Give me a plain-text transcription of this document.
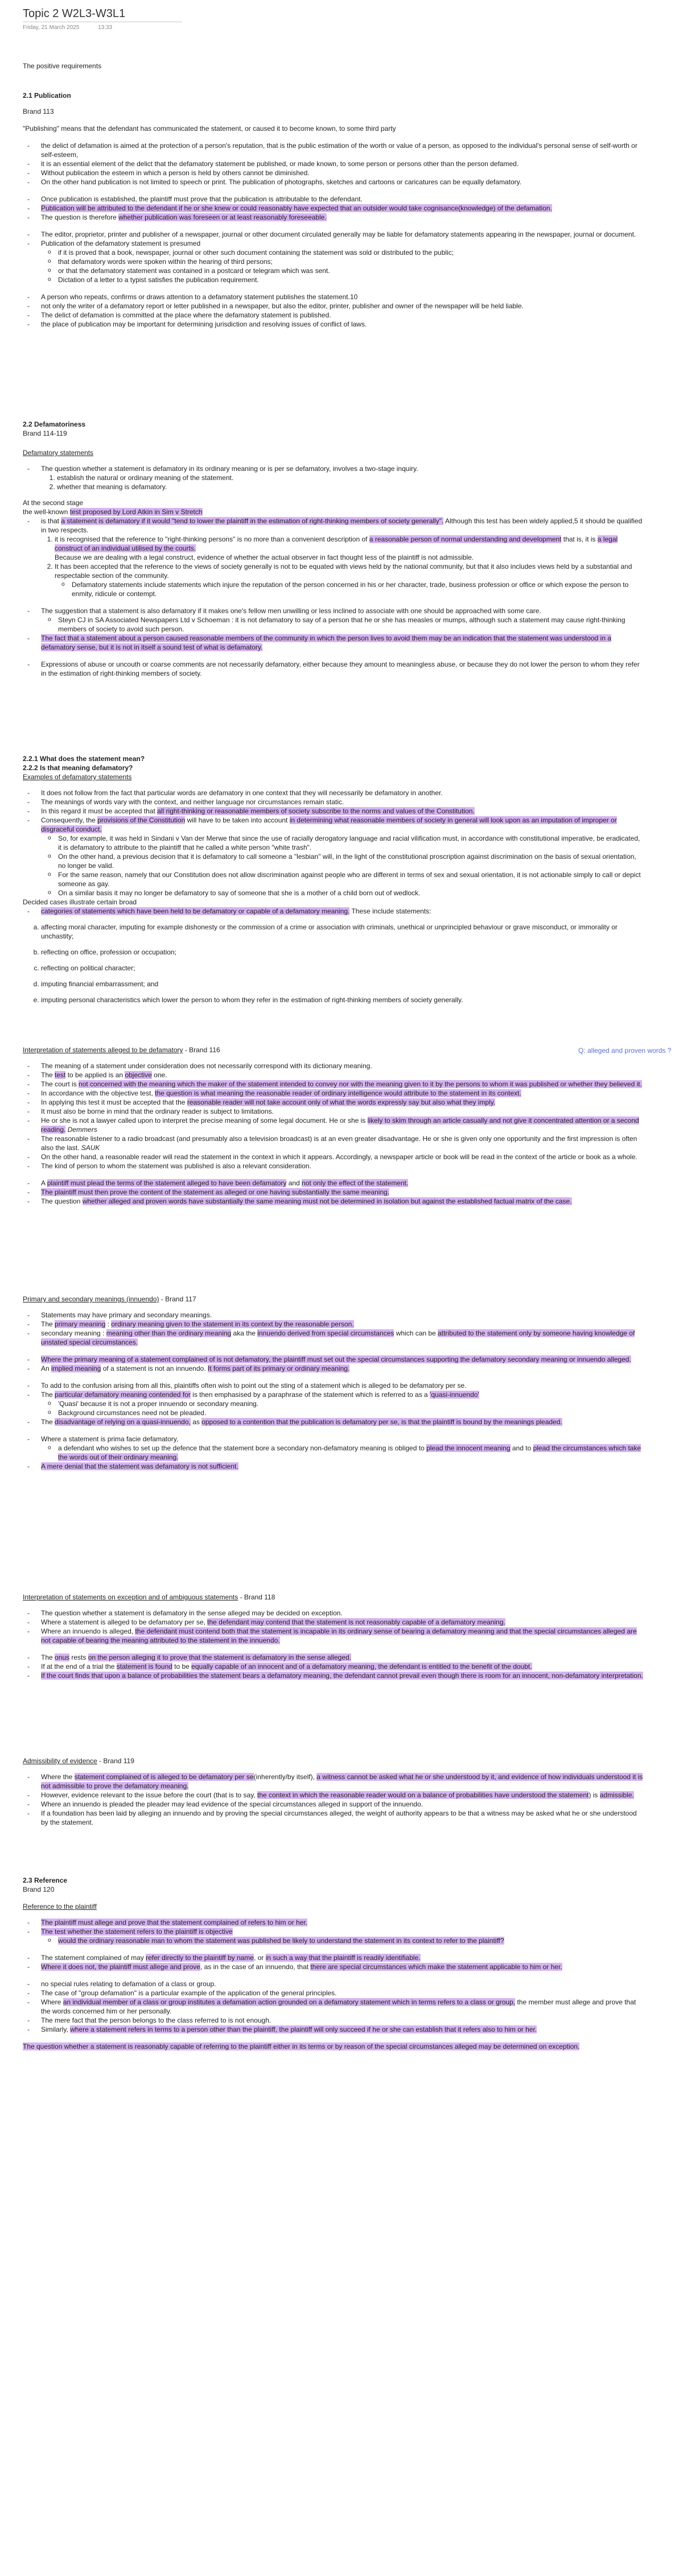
Topic 2 W2L3-W3L1
Friday, 21 March 2025	13:33

The positive requirements

2.1 Publication

Brand 113

"Publishing" means that the defendant has communicated the statement, or caused it to become known, to some third party

- the delict of defamation is aimed at the protection of a person's reputation, that is the public estimation of the worth or value of a person, as opposed to the individual's personal sense of self-worth or self-esteem,
- it is an essential element of the delict that the defamatory statement be published, or made known, to some person or persons other than the person defamed.
- Without publication the esteem in which a person is held by others cannot be diminished.
- On the other hand publication is not limited to speech or print. The publication of photographs, sketches and cartoons or caricatures can be equally defamatory.
- Once publication is established, the plaintiff must prove that the publication is attributable to the defendant.
- Publication will be attributed to the defendant if he or she knew or could reasonably have expected that an outsider would take cognisance(knowledge) of the defamation.
- The question is therefore whether publication was foreseen or at least reasonably foreseeable.
- The editor, proprietor, printer and publisher of a newspaper, journal or other document circulated generally may be liable for defamatory statements appearing in the newspaper, journal or document.
- Publication of the defamatory statement is presumed
o if it is proved that a book, newspaper, journal or other such document containing the statement was sold or distributed to the public;
o that defamatory words were spoken within the hearing of third persons;
o or that the defamatory statement was contained in a postcard or telegram which was sent.
o Dictation of a letter to a typist satisfies the publication requirement.
- A person who repeats, confirms or draws attention to a defamatory statement publishes the statement.10
- not only the writer of a defamatory report or letter published in a newspaper, but also the editor, printer, publisher and owner of the newspaper will be held liable.
- The delict of defamation is committed at the place where the defamatory statement is published.
- the place of publication may be important for determining jurisdiction and resolving issues of conflict of laws.

2.2 Defamatoriness

Brand 114-119

Defamatory statements

- The question whether a statement is defamatory in its ordinary meaning or is per se defamatory, involves a two-stage inquiry.
1. establish the natural or ordinary meaning of the statement.
2. whether that meaning is defamatory.

At the second stage

the well-known test proposed by Lord Atkin in Sim v Stretch

- is that a statement is defamatory if it would "tend to lower the plaintiff in the estimation of right-thinking members of society generally". Although this test has been widely applied,5 it should be qualified in two respects.
1. it is recognised that the reference to "right-thinking persons" is no more than a convenient description of a reasonable person of normal understanding and development that is, it is a legal construct of an individual utilised by the courts.
Because we are dealing with a legal construct, evidence of whether the actual observer in fact thought less of the plaintiff is not admissible.
2. It has been accepted that the reference to the views of society generally is not to be equated with views held by the national community, but that it also includes views held by a substantial and respectable section of the community.
o Defamatory statements include statements which injure the reputation of the person concerned in his or her character, trade, business profession or office or which expose the person to enmity, ridicule or contempt.
- The suggestion that a statement is also defamatory if it makes one's fellow men unwilling or less inclined to associate with one should be approached with some care.
o Steyn CJ in SA Associated Newspapers Ltd v Schoeman : it is not defamatory to say of a person that he or she has measles or mumps, although such a statement may cause right-thinking members of society to avoid such person.
- The fact that a statement about a person caused reasonable members of the community in which the person lives to avoid them may be an indication that the statement was understood in a defamatory sense, but it is not in itself a sound test of what is defamatory.
- Expressions of abuse or uncouth or coarse comments are not necessarily defamatory, either because they amount to meaningless abuse, or because they do not lower the person to whom they refer in the estimation of right-thinking members of society.

2.2.1 What does the statement mean?

2.2.2 Is that meaning defamatory?

Examples of defamatory statements

- It does not follow from the fact that particular words are defamatory in one context that they will necessarily be defamatory in another.
- The meanings of words vary with the context, and neither language nor circumstances remain static.
- In this regard it must be accepted that all right-thinking or reasonable members of society subscribe to the norms and values of the Constitution.
- Consequently, the provisions of the Constitution will have to be taken into account in determining what reasonable members of society in general will look upon as an imputation of improper or disgraceful conduct.
o So, for example, it was held in Sindani v Van der Merwe that since the use of racially derogatory language and racial vilification must, in accordance with constitutional imperative, be eradicated, it is defamatory to attribute to the plaintiff that he called a white person "white trash".
o On the other hand, a previous decision that it is defamatory to call someone a "lesbian" will, in the light of the constitutional proscription against discrimination on the basis of sexual orientation, no longer be valid.
o For the same reason, namely that our Constitution does not allow discrimination against people who are different in terms of sex and sexual orientation, it is not actionable simply to call or depict someone as gay.
o On a similar basis it may no longer be defamatory to say of someone that she is a mother of a child born out of wedlock.

Decided cases illustrate certain broad

- categories of statements which have been held to be defamatory or capable of a defamatory meaning. These include statements:
a. affecting moral character, imputing for example dishonesty or the commission of a crime or association with criminals, unethical or unprincipled behaviour or grave misconduct, or immorality or unchastity;
b. reflecting on office, profession or occupation;
c. reflecting on political character;
d. imputing financial embarrassment; and
e. imputing personal characteristics which lower the person to whom they refer in the estimation of right-thinking members of society generally.

Interpretation of statements alleged to be defamatory - Brand 116

- The meaning of a statement under consideration does not necessarily correspond with its dictionary meaning.
- The test to be applied is an objective one.
- The court is not concerned with the meaning which the maker of the statement intended to convey nor with the meaning given to it by the persons to whom it was published or whether they believed it.
- In accordance with the objective test, the question is what meaning the reasonable reader of ordinary intelligence would attribute to the statement in its context.
- In applying this test it must be accepted that the reasonable reader will not take account only of what the words expressly say but also what they imply.
- It must also be borne in mind that the ordinary reader is subject to limitations.
- He or she is not a lawyer called upon to interpret the precise meaning of some legal document. He or she is likely to skim through an article casually and not give it concentrated attention or a second reading. Demmers
- The reasonable listener to a radio broadcast (and presumably also a television broadcast) is at an even greater disadvantage. He or she is given only one opportunity and the first impression is often also the last. SAUK
- On the other hand, a reasonable reader will read the statement in the context in which it appears. Accordingly, a newspaper article or book will be read in the context of the article or book as a whole.
- The kind of person to whom the statement was published is also a relevant consideration.
- A plaintiff must plead the terms of the statement alleged to have been defamatory and not only the effect of the statement.
- The plaintiff must then prove the content of the statement as alleged or one having substantially the same meaning.
- The question whether alleged and proven words have substantially the same meaning must not be determined in isolation but against the established factual matrix of the case.

Primary and secondary meanings (innuendo) - Brand 117

- Statements may have primary and secondary meanings.
- The primary meaning : ordinary meaning given to the statement in its context by the reasonable person.
- secondary meaning : meaning other than the ordinary meaning aka the innuendo derived from special circumstances which can be attributed to the statement only by someone having knowledge of unstated special circumstances.
- Where the primary meaning of a statement complained of is not defamatory, the plaintiff must set out the special circumstances supporting the defamatory secondary meaning or innuendo alleged.
- An implied meaning of a statement is not an innuendo. It forms part of its primary or ordinary meaning.
- To add to the confusion arising from all this, plaintiffs often wish to point out the sting of a statement which is alleged to be defamatory per se.
- The particular defamatory meaning contended for is then emphasised by a paraphrase of the statement which is referred to as a 'quasi-innuendo'
o 'Quasi' because it is not a proper innuendo or secondary meaning.
o Background circumstances need not be pleaded.
- The disadvantage of relying on a quasi-innuendo, as opposed to a contention that the publication is defamatory per se, is that the plaintiff is bound by the meanings pleaded.
- Where a statement is prima facie defamatory,
o a defendant who wishes to set up the defence that the statement bore a secondary non-defamatory meaning is obliged to plead the innocent meaning and to plead the circumstances which take the words out of their ordinary meaning.
- A mere denial that the statement was defamatory is not sufficient.

Interpretation of statements on exception and of ambiguous statements - Brand 118

- The question whether a statement is defamatory in the sense alleged may be decided on exception.
- Where a statement is alleged to be defamatory per se, the defendant may contend that the statement is not reasonably capable of a defamatory meaning.
- Where an innuendo is alleged, the defendant must contend both that the statement is incapable in its ordinary sense of bearing a defamatory meaning and that the special circumstances alleged are not capable of bearing the meaning attributed to the statement in the innuendo.
- The onus rests on the person alleging it to prove that the statement is defamatory in the sense alleged.
- If at the end of a trial the statement is found to be equally capable of an innocent and of a defamatory meaning, the defendant is entitled to the benefit of the doubt.
- If the court finds that upon a balance of probabilities the statement bears a defamatory meaning, the defendant cannot prevail even though there is room for an innocent, non-defamatory interpretation.

Admissibility of evidence - Brand 119

- Where the statement complained of is alleged to be defamatory per se(inherently/by itself), a witness cannot be asked what he or she understood by it, and evidence of how individuals understood it is not admissible to prove the defamatory meaning.
- However, evidence relevant to the issue before the court (that is to say, the context in which the reasonable reader would on a balance of probabilities have understood the statement) is admissible.
- Where an innuendo is pleaded the pleader may lead evidence of the special circumstances alleged in support of the innuendo.
- If a foundation has been laid by alleging an innuendo and by proving the special circumstances alleged, the weight of authority appears to be that a witness may be asked what he or she understood by the statement.

2.3 Reference

Brand 120

Reference to the plaintiff

- The plaintiff must allege and prove that the statement complained of refers to him or her.
- The test whether the statement refers to the plaintiff is objective
o would the ordinary reasonable man to whom the statement was published be likely to understand the statement in its context to refer to the plaintiff?
- The statement complained of may refer directly to the plaintiff by name, or in such a way that the plaintiff is readily identifiable.
- Where it does not, the plaintiff must allege and prove, as in the case of an innuendo, that there are special circumstances which make the statement applicable to him or her.
- no special rules relating to defamation of a class or group.
- The case of "group defamation" is a particular example of the application of the general principles.
- Where an individual member of a class or group institutes a defamation action grounded on a defamatory statement which in terms refers to a class or group, the member must allege and prove that the words concerned him or her personally.
- The mere fact that the person belongs to the class referred to is not enough.
- Similarly, where a statement refers in terms to a person other than the plaintiff, the plaintiff will only succeed if he or she can establish that it refers also to him or her.

The question whether a statement is reasonably capable of referring to the plaintiff either in its terms or by reason of the special circumstances alleged may be determined on exception.

Q: alleged and proven words ?
